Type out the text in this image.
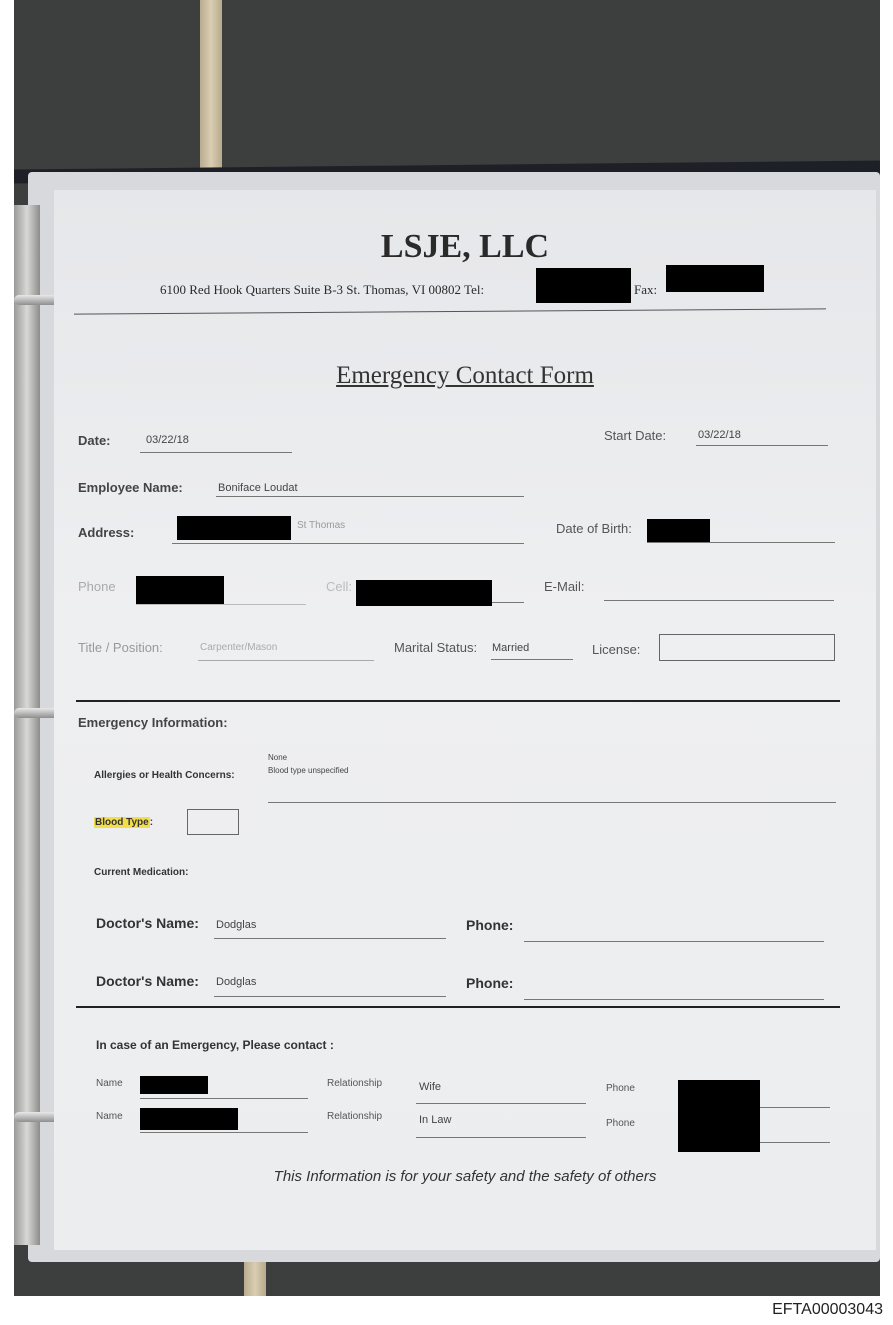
LSJE, LLC
6100 Red Hook Quarters Suite B-3 St. Thomas, VI 00802 Tel:	Fax:
Emergency Contact Form
Date:	03/22/18	Start Date:	03/22/18
Employee Name:	Boniface Loudat
Address:	St Thomas	Date of Birth:
Phone	Cell:	E-Mail:
Title / Position:	Carpenter/Mason	Marital Status: Married	License:
Emergency Information:
Allergies or Health Concerns:
None
Blood type unspecified
Blood Type:
Current Medication:
Doctor's Name: Dodglas	Phone:
Doctor's Name: Dodglas	Phone:
In case of an Emergency, Please contact :
Name	Relationship	Wife	Phone
Name	Relationship	In Law	Phone
This Information is for your safety and the safety of others
EFTA00003043
